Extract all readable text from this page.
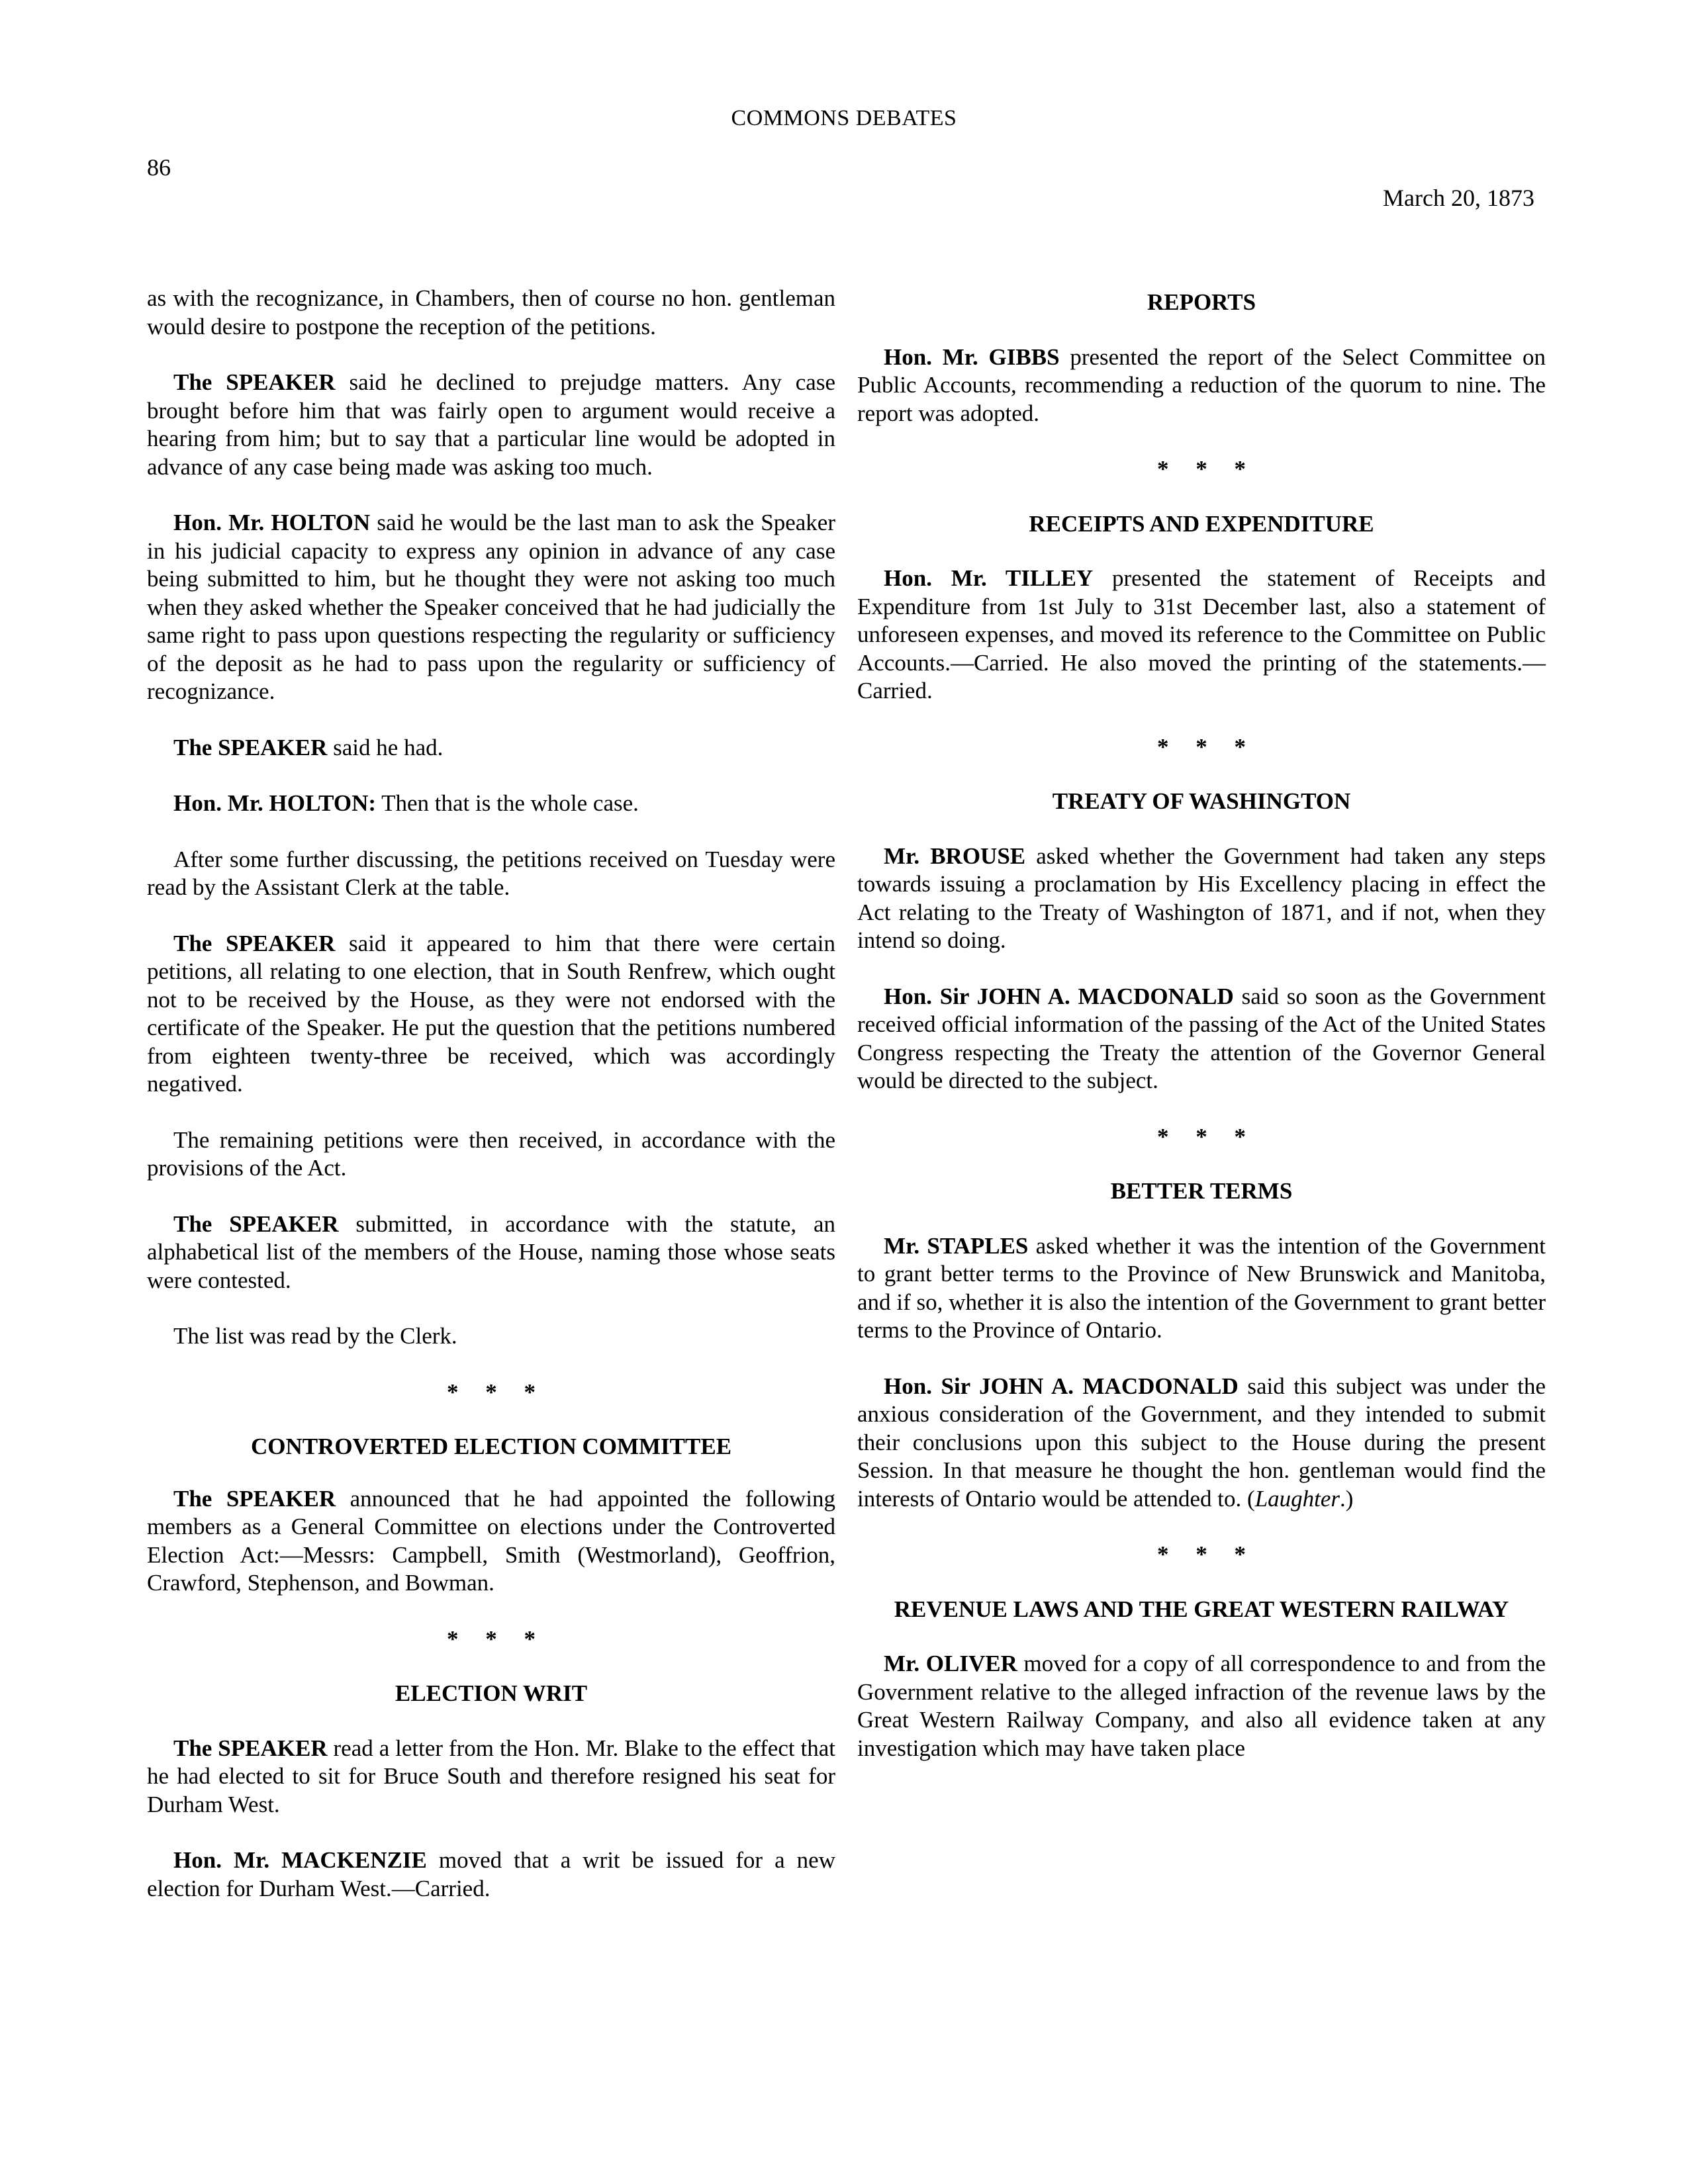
COMMONS DEBATES
86
March 20, 1873

as with the recognizance, in Chambers, then of course no hon. gentleman would desire to postpone the reception of the petitions.

The SPEAKER said he declined to prejudge matters. Any case brought before him that was fairly open to argument would receive a hearing from him; but to say that a particular line would be adopted in advance of any case being made was asking too much.

Hon. Mr. HOLTON said he would be the last man to ask the Speaker in his judicial capacity to express any opinion in advance of any case being submitted to him, but he thought they were not asking too much when they asked whether the Speaker conceived that he had judicially the same right to pass upon questions respecting the regularity or sufficiency of the deposit as he had to pass upon the regularity or sufficiency of recognizance.

The SPEAKER said he had.

Hon. Mr. HOLTON: Then that is the whole case.

After some further discussing, the petitions received on Tuesday were read by the Assistant Clerk at the table.

The SPEAKER said it appeared to him that there were certain petitions, all relating to one election, that in South Renfrew, which ought not to be received by the House, as they were not endorsed with the certificate of the Speaker. He put the question that the petitions numbered from eighteen twenty-three be received, which was accordingly negatived.

The remaining petitions were then received, in accordance with the provisions of the Act.

The SPEAKER submitted, in accordance with the statute, an alphabetical list of the members of the House, naming those whose seats were contested.

The list was read by the Clerk.

* * *
CONTROVERTED ELECTION COMMITTEE

The SPEAKER announced that he had appointed the following members as a General Committee on elections under the Controverted Election Act:—Messrs: Campbell, Smith (Westmorland), Geoffrion, Crawford, Stephenson, and Bowman.

* * *
ELECTION WRIT

The SPEAKER read a letter from the Hon. Mr. Blake to the effect that he had elected to sit for Bruce South and therefore resigned his seat for Durham West.

Hon. Mr. MACKENZIE moved that a writ be issued for a new election for Durham West.—Carried.

REPORTS

Hon. Mr. GIBBS presented the report of the Select Committee on Public Accounts, recommending a reduction of the quorum to nine. The report was adopted.

* * *
RECEIPTS AND EXPENDITURE

Hon. Mr. TILLEY presented the statement of Receipts and Expenditure from 1st July to 31st December last, also a statement of unforeseen expenses, and moved its reference to the Committee on Public Accounts.—Carried. He also moved the printing of the statements.—Carried.

* * *
TREATY OF WASHINGTON

Mr. BROUSE asked whether the Government had taken any steps towards issuing a proclamation by His Excellency placing in effect the Act relating to the Treaty of Washington of 1871, and if not, when they intend so doing.

Hon. Sir JOHN A. MACDONALD said so soon as the Government received official information of the passing of the Act of the United States Congress respecting the Treaty the attention of the Governor General would be directed to the subject.

* * *
BETTER TERMS

Mr. STAPLES asked whether it was the intention of the Government to grant better terms to the Province of New Brunswick and Manitoba, and if so, whether it is also the intention of the Government to grant better terms to the Province of Ontario.

Hon. Sir JOHN A. MACDONALD said this subject was under the anxious consideration of the Government, and they intended to submit their conclusions upon this subject to the House during the present Session. In that measure he thought the hon. gentleman would find the interests of Ontario would be attended to. (Laughter.)

* * *
REVENUE LAWS AND THE GREAT WESTERN RAILWAY

Mr. OLIVER moved for a copy of all correspondence to and from the Government relative to the alleged infraction of the revenue laws by the Great Western Railway Company, and also all evidence taken at any investigation which may have taken place
